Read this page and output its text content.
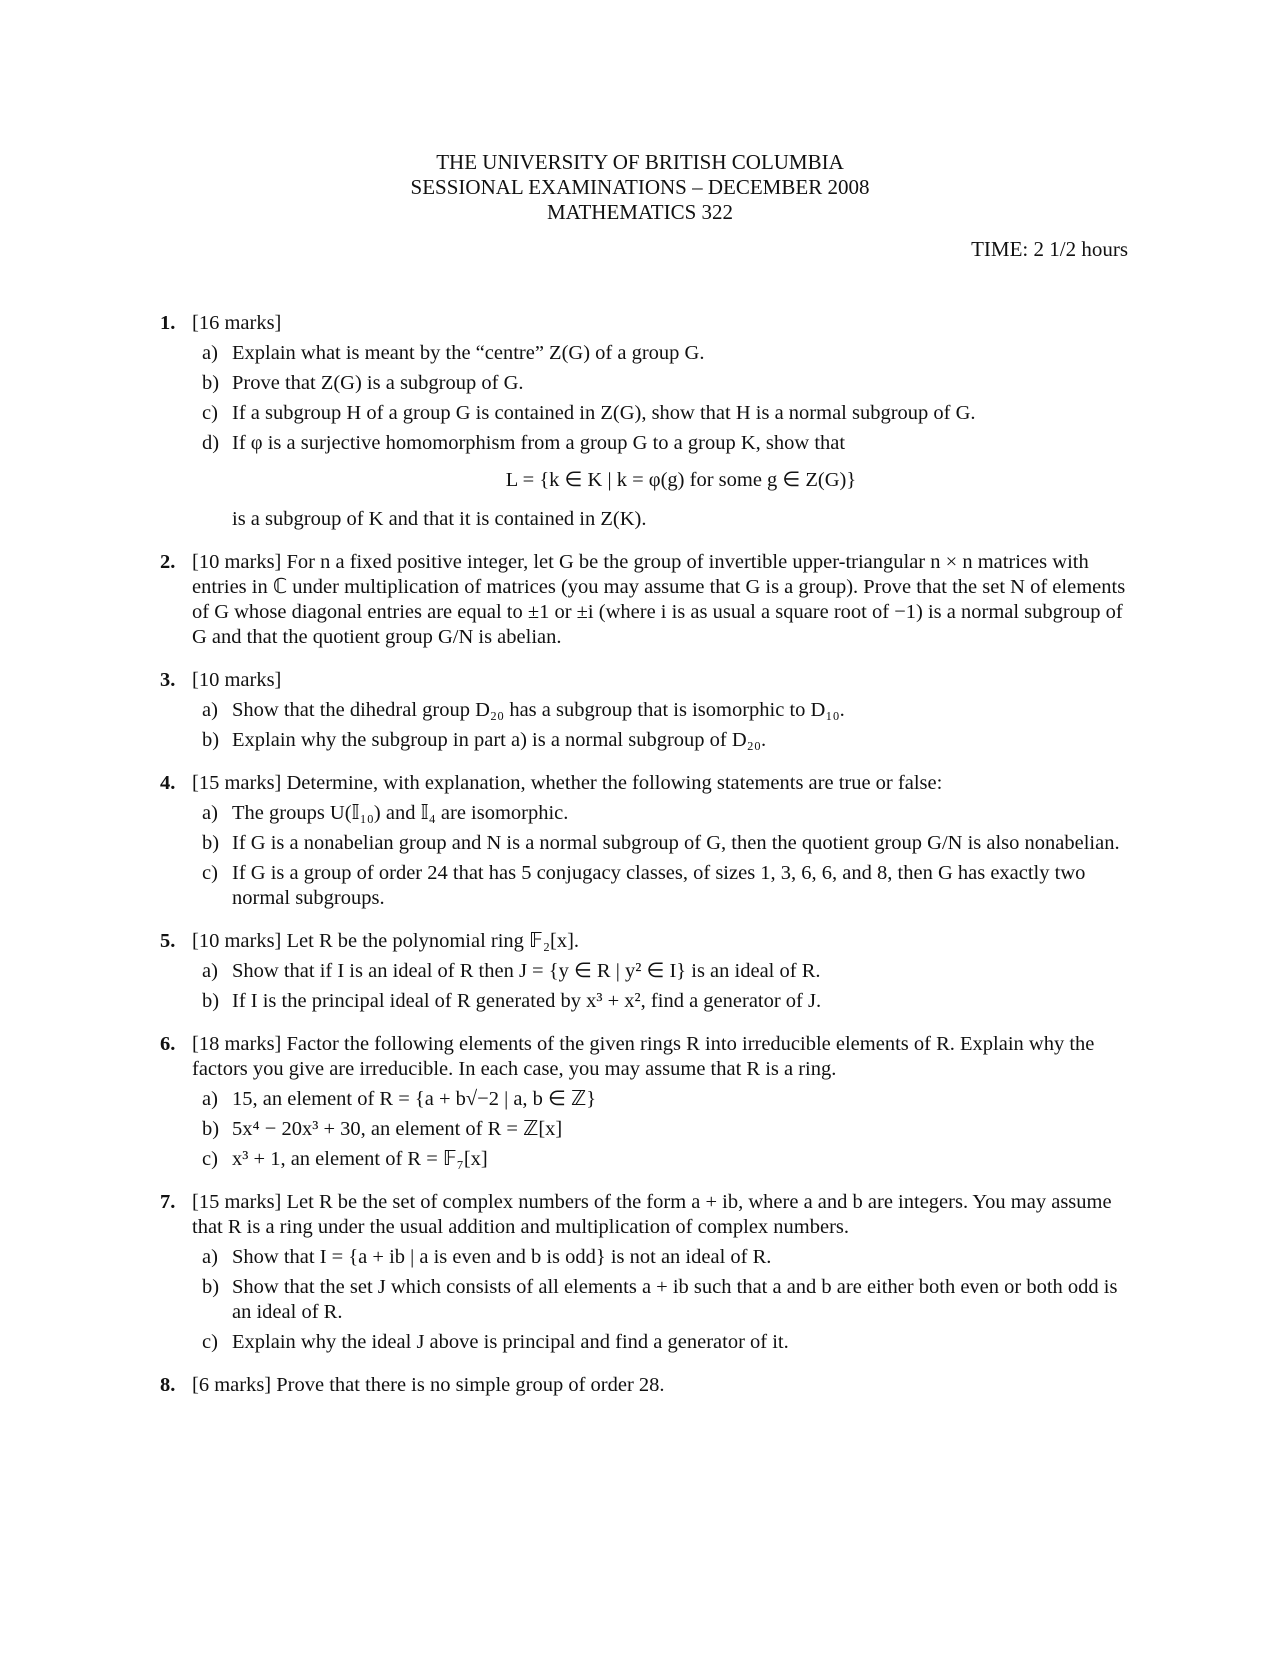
THE UNIVERSITY OF BRITISH COLUMBIA
SESSIONAL EXAMINATIONS – DECEMBER 2008
MATHEMATICS 322
TIME: 2 1/2 hours
1. [16 marks]
a) Explain what is meant by the “centre” Z(G) of a group G.
b) Prove that Z(G) is a subgroup of G.
c) If a subgroup H of a group G is contained in Z(G), show that H is a normal subgroup of G.
d) If φ is a surjective homomorphism from a group G to a group K, show that
L = {k ∈ K | k = φ(g) for some g ∈ Z(G)}
is a subgroup of K and that it is contained in Z(K).
2. [10 marks] For n a fixed positive integer, let G be the group of invertible upper-triangular n × n matrices with entries in ℂ under multiplication of matrices (you may assume that G is a group). Prove that the set N of elements of G whose diagonal entries are equal to ±1 or ±i (where i is as usual a square root of −1) is a normal subgroup of G and that the quotient group G/N is abelian.
3. [10 marks]
a) Show that the dihedral group D₂₀ has a subgroup that is isomorphic to D₁₀.
b) Explain why the subgroup in part a) is a normal subgroup of D₂₀.
4. [15 marks] Determine, with explanation, whether the following statements are true or false:
a) The groups U(𝕀₁₀) and 𝕀₄ are isomorphic.
b) If G is a nonabelian group and N is a normal subgroup of G, then the quotient group G/N is also nonabelian.
c) If G is a group of order 24 that has 5 conjugacy classes, of sizes 1, 3, 6, 6, and 8, then G has exactly two normal subgroups.
5. [10 marks] Let R be the polynomial ring 𝔽₂[x].
a) Show that if I is an ideal of R then J = {y ∈ R | y² ∈ I} is an ideal of R.
b) If I is the principal ideal of R generated by x³ + x², find a generator of J.
6. [18 marks] Factor the following elements of the given rings R into irreducible elements of R. Explain why the factors you give are irreducible. In each case, you may assume that R is a ring.
a) 15, an element of R = {a + b√−2 | a, b ∈ ℤ}
b) 5x⁴ − 20x³ + 30, an element of R = ℤ[x]
c) x³ + 1, an element of R = 𝔽₇[x]
7. [15 marks] Let R be the set of complex numbers of the form a + ib, where a and b are integers. You may assume that R is a ring under the usual addition and multiplication of complex numbers.
a) Show that I = {a + ib | a is even and b is odd} is not an ideal of R.
b) Show that the set J which consists of all elements a + ib such that a and b are either both even or both odd is an ideal of R.
c) Explain why the ideal J above is principal and find a generator of it.
8. [6 marks] Prove that there is no simple group of order 28.
